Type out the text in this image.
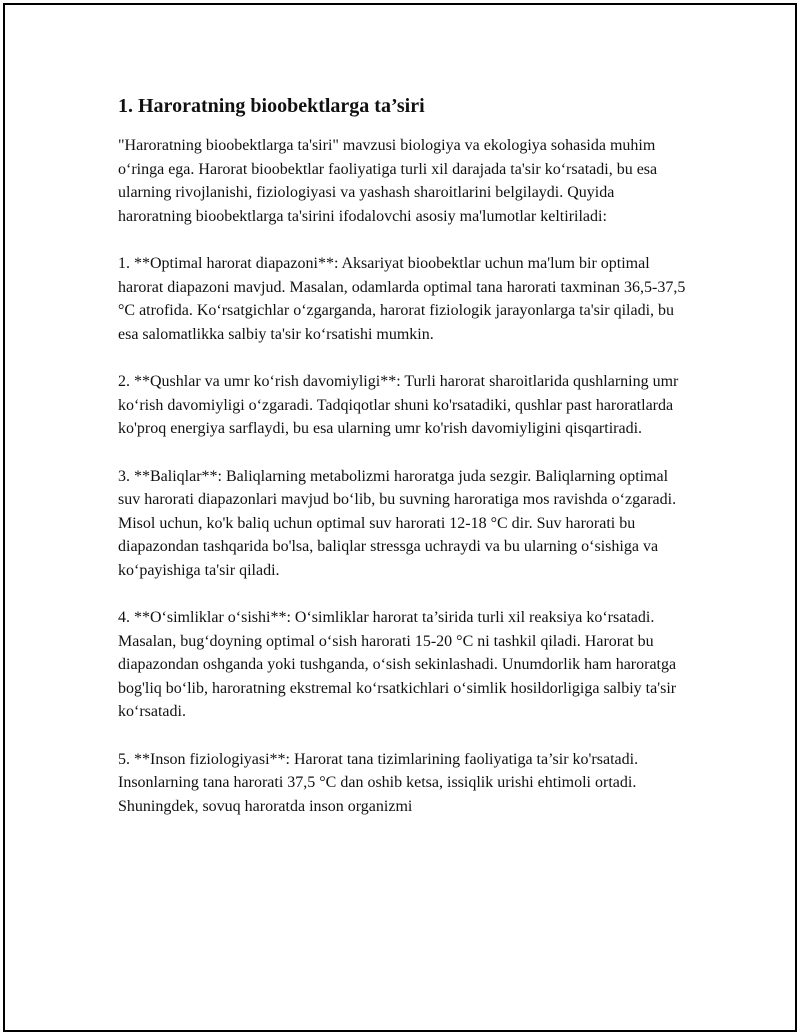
1. Haroratning bioobektlarga ta’siri

"Haroratning bioobektlarga ta'siri" mavzusi biologiya va ekologiya sohasida muhim oʻringa ega. Harorat bioobektlar faoliyatiga turli xil darajada ta'sir koʻrsatadi, bu esa ularning rivojlanishi, fiziologiyasi va yashash sharoitlarini belgilaydi. Quyida haroratning bioobektlarga ta'sirini ifodalovchi asosiy ma'lumotlar keltiriladi:

1. **Optimal harorat diapazoni**: Aksariyat bioobektlar uchun ma'lum bir optimal harorat diapazoni mavjud. Masalan, odamlarda optimal tana harorati taxminan 36,5-37,5 °C atrofida. Koʻrsatgichlar oʻzgarganda, harorat fiziologik jarayonlarga ta'sir qiladi, bu esa salomatlikka salbiy ta'sir koʻrsatishi mumkin.

2. **Qushlar va umr koʻrish davomiyligi**: Turli harorat sharoitlarida qushlarning umr koʻrish davomiyligi oʻzgaradi. Tadqiqotlar shuni ko'rsatadiki, qushlar past haroratlarda ko'proq energiya sarflaydi, bu esa ularning umr ko'rish davomiyligini qisqartiradi.

3. **Baliqlar**: Baliqlarning metabolizmi haroratga juda sezgir. Baliqlarning optimal suv harorati diapazonlari mavjud boʻlib, bu suvning haroratiga mos ravishda oʻzgaradi. Misol uchun, ko'k baliq uchun optimal suv harorati 12-18 °C dir. Suv harorati bu diapazondan tashqarida bo'lsa, baliqlar stressga uchraydi va bu ularning oʻsishiga va koʻpayishiga ta'sir qiladi.

4. **Oʻsimliklar oʻsishi**: Oʻsimliklar harorat ta’sirida turli xil reaksiya koʻrsatadi. Masalan, bugʻdoyning optimal oʻsish harorati 15-20 °C ni tashkil qiladi. Harorat bu diapazondan oshganda yoki tushganda, oʻsish sekinlashadi. Unumdorlik ham haroratga bog'liq boʻlib, haroratning ekstremal koʻrsatkichlari oʻsimlik hosildorligiga salbiy ta'sir koʻrsatadi.

5. **Inson fiziologiyasi**: Harorat tana tizimlarining faoliyatiga ta’sir ko'rsatadi. Insonlarning tana harorati 37,5 °C dan oshib ketsa, issiqlik urishi ehtimoli ortadi. Shuningdek, sovuq haroratda inson organizmi
